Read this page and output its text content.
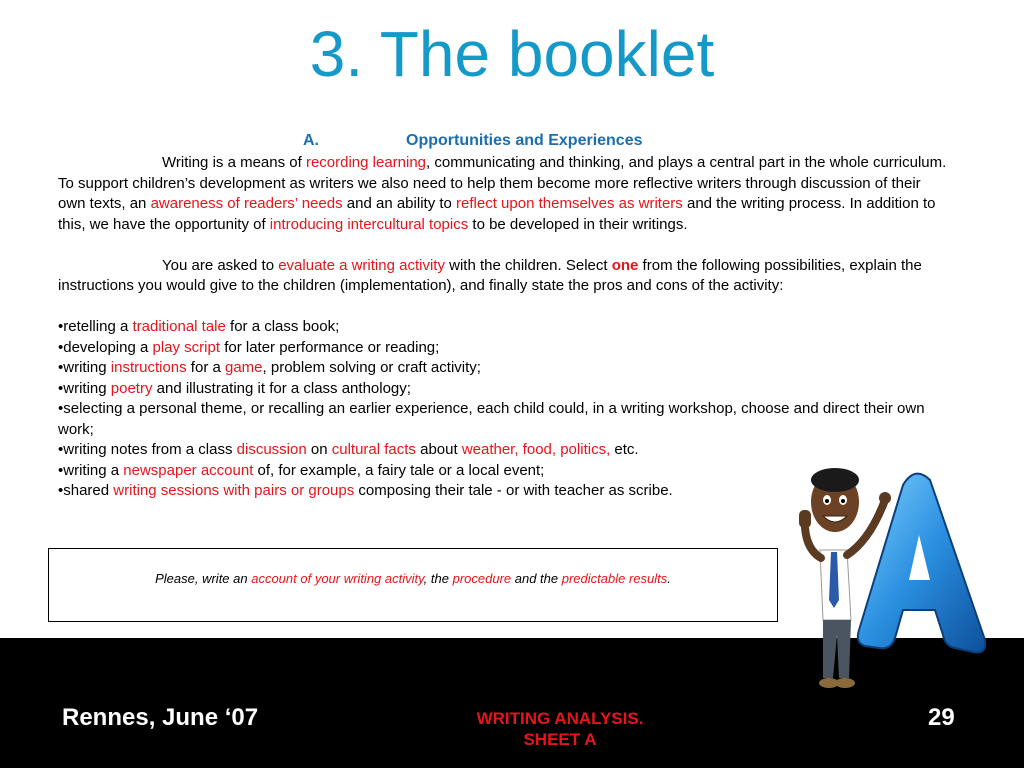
3. The booklet
A.	Opportunities and Experiences

Writing is a means of recording learning, communicating and thinking, and plays a central part in the whole curriculum. To support children’s development as writers we also need to help them become more reflective writers through discussion of their own texts, an awareness of readers’ needs and an ability to reflect upon themselves as writers and the writing process. In addition to this, we have the opportunity of introducing intercultural topics to be developed in their writings.

You are asked to evaluate a writing activity with the children. Select one from the following possibilities, explain the instructions you would give to the children (implementation), and finally state the pros and cons of the activity:

•retelling a traditional tale for a class book;
•developing a play script for later performance or reading;
•writing instructions for a game, problem solving or craft activity;
•writing poetry and illustrating it for a class anthology;
•selecting a personal theme, or recalling an earlier experience, each child could, in a writing workshop, choose and direct their own work;
•writing notes from a class discussion on cultural facts about weather, food, politics, etc.
•writing a newspaper account of, for example, a fairy tale or a local event;
•shared writing sessions with pairs or groups composing their tale - or with teacher as scribe.

Please, write an account of your writing activity, the procedure and the predictable results.

Rennes, June ‘07	WRITING ANALYSIS.
SHEET A
29
